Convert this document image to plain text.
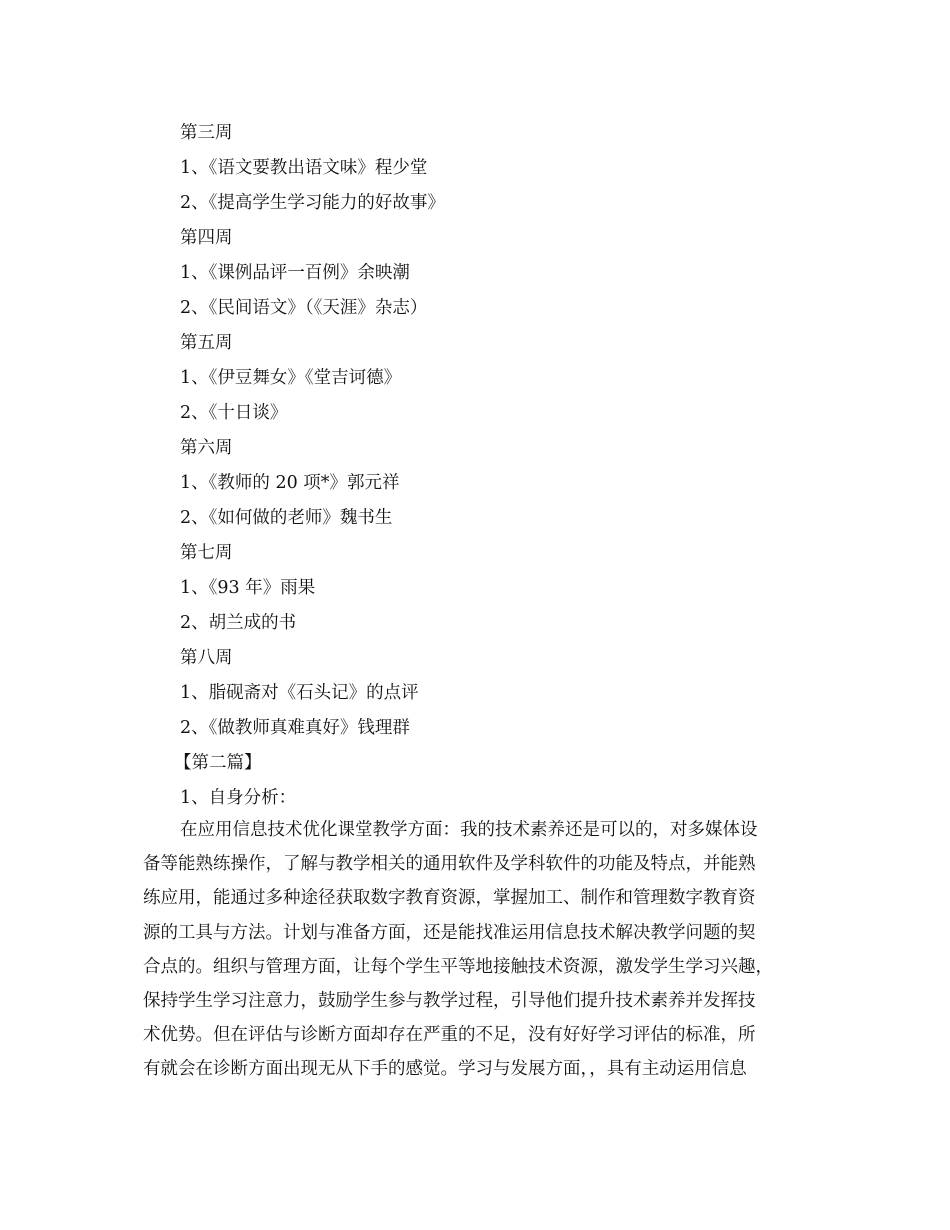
第三周
1、《语文要教出语文味》程少堂
2、《提高学生学习能力的好故事》
第四周
1、《课例品评一百例》余映潮
2、《民间语文》（《天涯》杂志）
第五周
1、《伊豆舞女》《堂吉诃德》
2、《十日谈》
第六周
1、《教师的 20 项*》郭元祥
2、《如何做的老师》魏书生
第七周
1、《93 年》雨果
2、胡兰成的书
第八周
1、脂砚斋对《石头记》的点评
2、《做教师真难真好》钱理群
【第二篇】
1、自身分析：
在应用信息技术优化课堂教学方面：我的技术素养还是可以的，对多媒体设
备等能熟练操作，了解与教学相关的通用软件及学科软件的功能及特点，并能熟
练应用，能通过多种途径获取数字教育资源，掌握加工、制作和管理数字教育资
源的工具与方法。计划与准备方面，还是能找准运用信息技术解决教学问题的契
合点的。组织与管理方面，让每个学生平等地接触技术资源，激发学生学习兴趣，
保持学生学习注意力，鼓励学生参与教学过程，引导他们提升技术素养并发挥技
术优势。但在评估与诊断方面却存在严重的不足，没有好好学习评估的标准，所
有就会在诊断方面出现无从下手的感觉。学习与发展方面，，具有主动运用信息
